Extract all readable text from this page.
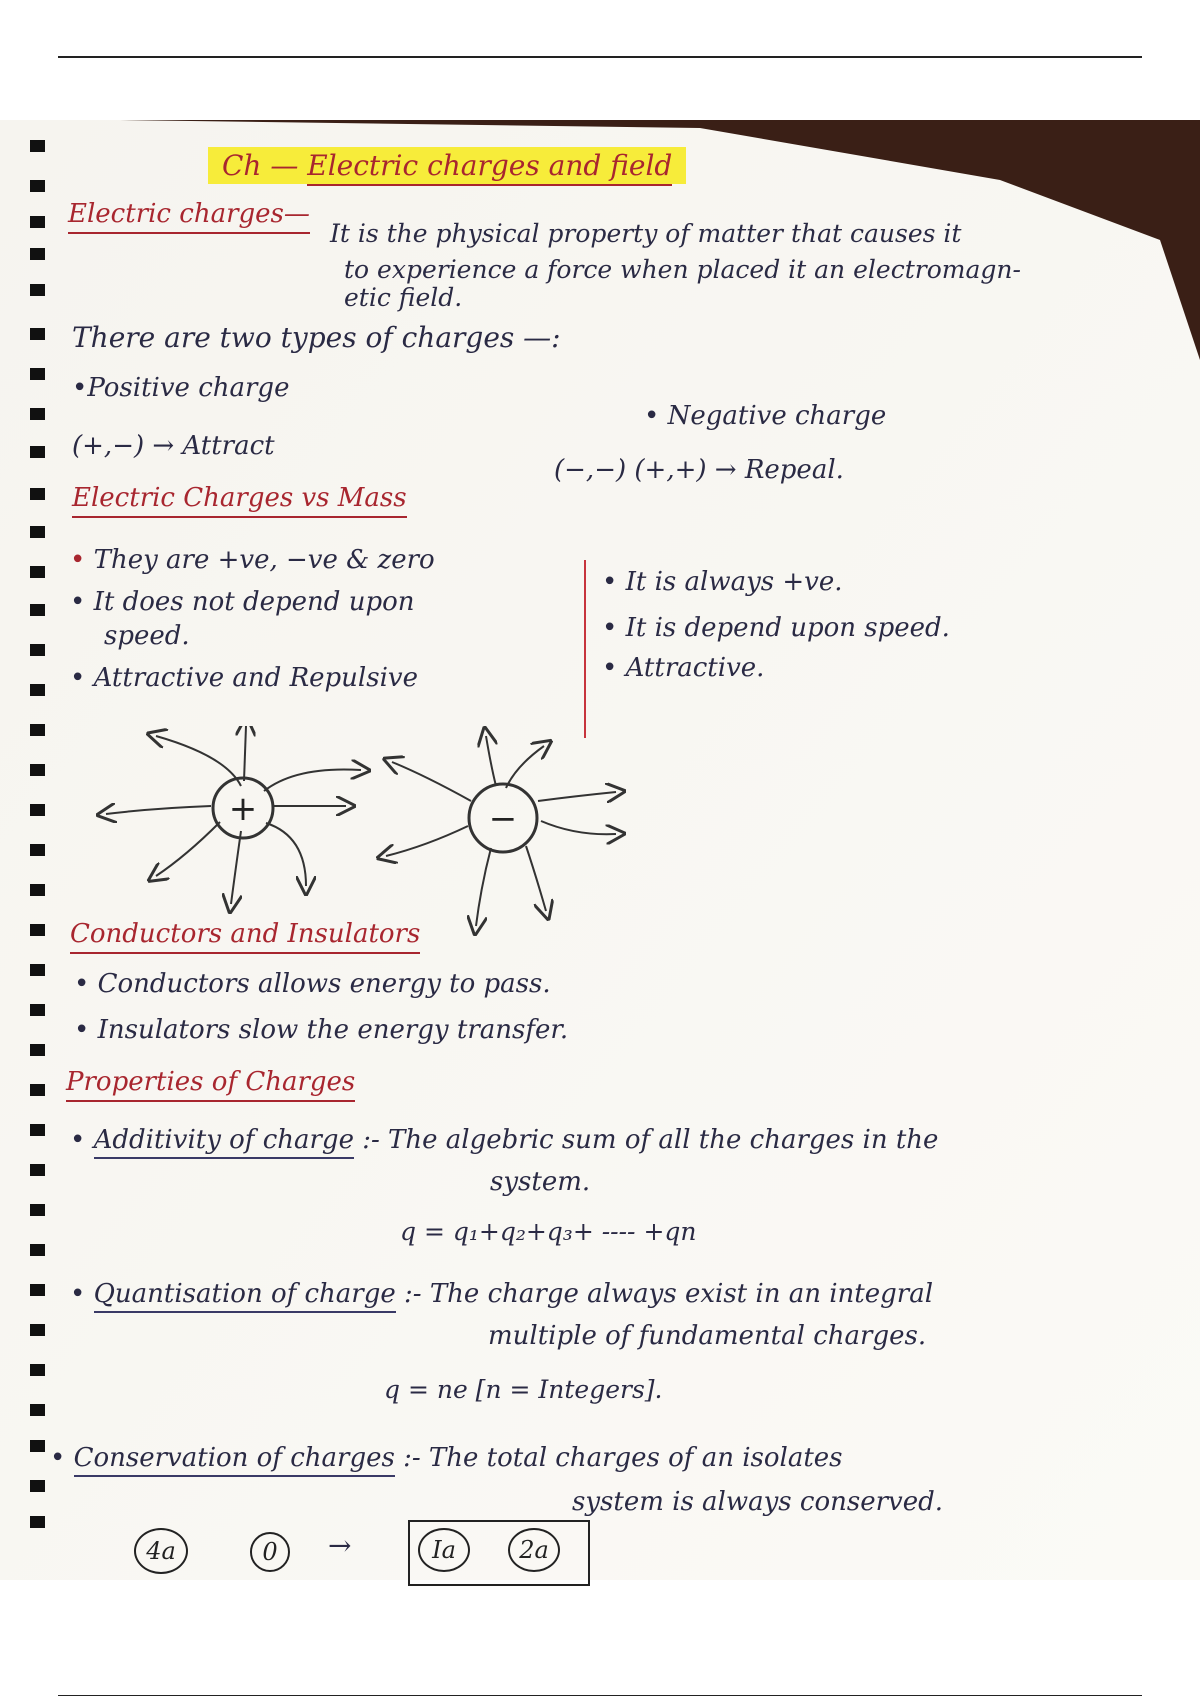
Ch — Electric charges and field
Electric charges—
It is the physical property of matter that causes it
to experience a force when placed it an electromagn-
etic field.
There are two types of charges —:
•Positive charge
• Negative charge
(+,−) → Attract
(−,−) (+,+) → Repeal.
Electric Charges vs Mass
• They are +ve, −ve & zero
• It does not depend upon
speed.
• Attractive and Repulsive
• It is always +ve.
• It is depend upon speed.
• Attractive.
+	−
Conductors and Insulators
• Conductors allows energy to pass.
• Insulators slow the energy transfer.
Properties of Charges
• Additivity of charge :- The algebric sum of all the charges in the
system.
q = q₁+q₂+q₃+ ---- +qn
• Quantisation of charge :- The charge always exist in an integral
multiple of fundamental charges.
q = ne [n = Integers].
• Conservation of charges :- The total charges of an isolates
system is always conserved.
4a	0	→	Ia	2a
